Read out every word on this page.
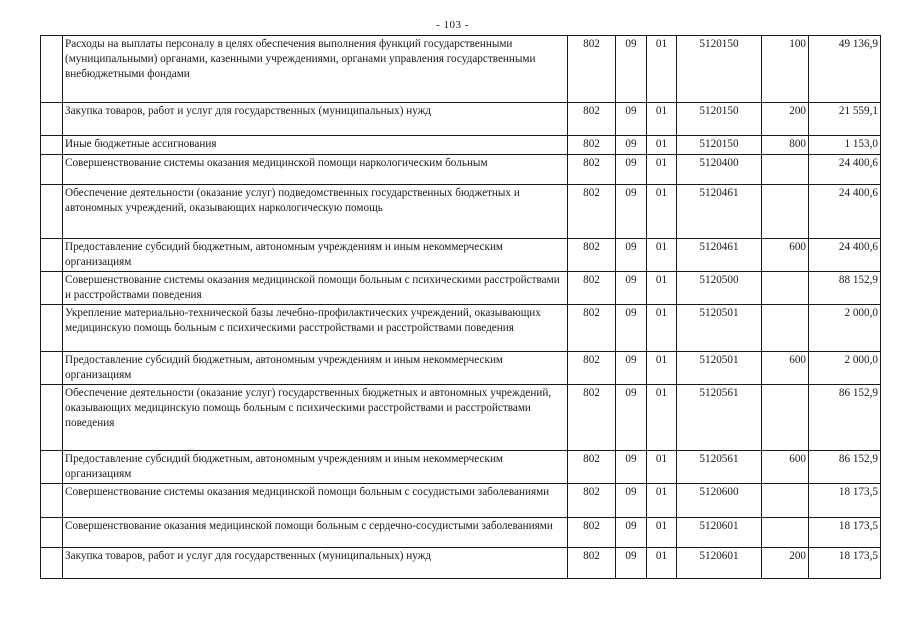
- 103 -
	Расходы на выплаты персоналу в целях обеспечения выполнения функций государственными (муниципальными) органами, казенными учреждениями, органами управления государственными внебюджетными фондами	802	09	01	5120150	100	49 136,9
	Закупка товаров, работ и услуг для государственных (муниципальных) нужд	802	09	01	5120150	200	21 559,1
	Иные бюджетные ассигнования	802	09	01	5120150	800	1 153,0
	Совершенствование системы оказания медицинской помощи наркологическим больным	802	09	01	5120400		24 400,6
	Обеспечение деятельности (оказание услуг) подведомственных государственных бюджетных и автономных учреждений, оказывающих наркологическую помощь	802	09	01	5120461		24 400,6
	Предоставление субсидий бюджетным, автономным учреждениям и иным некоммерческим организациям	802	09	01	5120461	600	24 400,6
	Совершенствование системы оказания медицинской помощи больным с психическими расстройствами и расстройствами поведения	802	09	01	5120500		88 152,9
	Укрепление материально-технической базы лечебно-профилактических учреждений, оказывающих медицинскую помощь больным с психическими расстройствами и расстройствами поведения	802	09	01	5120501		2 000,0
	Предоставление субсидий бюджетным, автономным учреждениям и иным некоммерческим организациям	802	09	01	5120501	600	2 000,0
	Обеспечение деятельности (оказание услуг) государственных бюджетных и автономных учреждений, оказывающих медицинскую помощь больным с психическими расстройствами и расстройствами поведения	802	09	01	5120561		86 152,9
	Предоставление субсидий бюджетным, автономным учреждениям и иным некоммерческим организациям	802	09	01	5120561	600	86 152,9
	Совершенствование системы оказания медицинской помощи больным с сосудистыми заболеваниями	802	09	01	5120600		18 173,5
	Совершенствование оказания медицинской помощи больным с сердечно-сосудистыми заболеваниями	802	09	01	5120601		18 173,5
	Закупка товаров, работ и услуг для государственных (муниципальных) нужд	802	09	01	5120601	200	18 173,5
